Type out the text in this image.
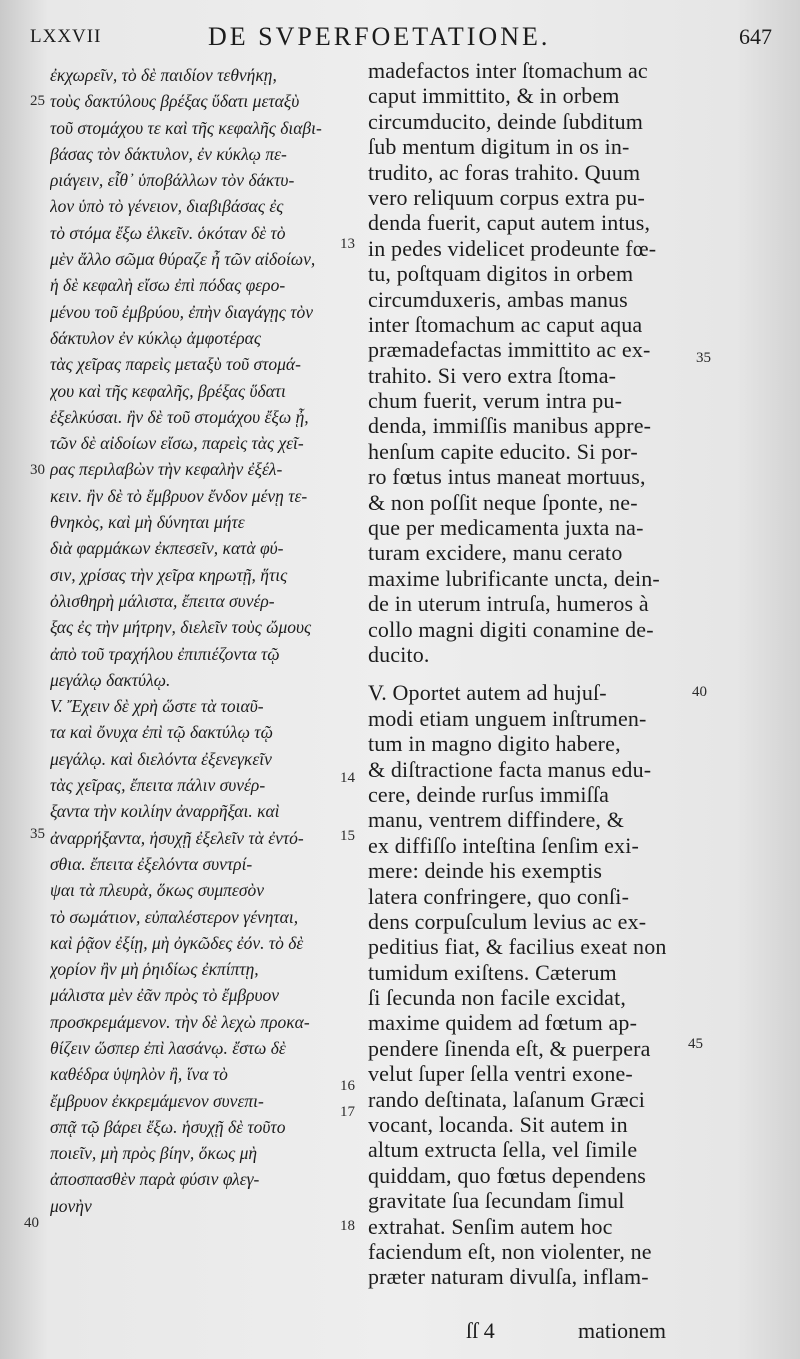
LXXVII	DE SVPERFOETATIONE.	647
ἐκχωρεῖν, τὸ δὲ παιδίον τεθνήκῃ,
τοὺς δακτύλους βρέξας ὕδατι μεταξὺ
τοῦ στομάχου τε καὶ τῆς κεφαλῆς διαβι-
βάσας τὸν δάκτυλον, ἐν κύκλῳ πε-
ριάγειν, εἶθ᾽ ὑποβάλλων τὸν δάκτυ-
λον ὑπὸ τὸ γένειον, διαβιβάσας ἐς
τὸ στόμα ἔξω ἑλκεῖν. ὁκόταν δὲ τὸ
μὲν ἄλλο σῶμα θύραζε ἦ τῶν αἰδοίων,
ἡ δὲ κεφαλὴ εἴσω ἐπὶ πόδας φερο-
μένου τοῦ ἐμβρύου, ἐπὴν διαγάγῃς τὸν
δάκτυλον ἐν κύκλῳ ἀμφοτέρας
τὰς χεῖρας παρεὶς μεταξὺ τοῦ στομά-
χου καὶ τῆς κεφαλῆς, βρέξας ὕδατι
ἐξελκύσαι. ἢν δὲ τοῦ στομάχου ἔξω ᾖ,
τῶν δὲ αἰδοίων εἴσω, παρεὶς τὰς χεῖ-
ρας περιλαβὼν τὴν κεφαλὴν ἐξέλ-
κειν. ἢν δὲ τὸ ἔμβρυον ἔνδον μένῃ τε-
θνηκὸς, καὶ μὴ δύνηται μήτε
διὰ φαρμάκων ἐκπεσεῖν, κατὰ φύ-
σιν, χρίσας τὴν χεῖρα κηρωτῇ, ἥτις
ὀλισθηρὴ μάλιστα, ἔπειτα συνέρ-
ξας ἐς τὴν μήτρην, διελεῖν τοὺς ὤμους
ἀπὸ τοῦ τραχήλου ἐπιπιέζοντα τῷ
μεγάλῳ δακτύλῳ.
V. Ἔχειν δὲ χρὴ ὥστε τὰ τοιαῦ-
τα καὶ ὄνυχα ἐπὶ τῷ δακτύλῳ τῷ
μεγάλῳ. καὶ διελόντα ἐξενεγκεῖν
τὰς χεῖρας, ἔπειτα πάλιν συνέρ-
ξαντα τὴν κοιλίην ἀναρρῆξαι. καὶ
ἀναρρήξαντα, ἡσυχῇ ἐξελεῖν τὰ ἐντό-
σθια. ἔπειτα ἐξελόντα συντρί-
ψαι τὰ πλευρὰ, ὅκως συμπεσὸν
τὸ σωμάτιον, εὐπαλέστερον γένηται,
καὶ ῥᾷον ἐξίῃ, μὴ ὀγκῶδες ἐόν. τὸ δὲ
χορίον ἢν μὴ ῥηιδίως ἐκπίπτῃ,
μάλιστα μὲν ἐᾶν πρὸς τὸ ἔμβρυον
προσκρεμάμενον. τὴν δὲ λεχὼ προκα-
θίζειν ὥσπερ ἐπὶ λασάνῳ. ἔστω δὲ
καθέδρα ὑψηλὸν ἢ, ἵνα τὸ
ἔμβρυον ἐκκρεμάμενον συνεπι-
σπᾷ τῷ βάρει ἔξω. ἡσυχῇ δὲ τοῦτο
ποιεῖν, μὴ πρὸς βίην, ὅκως μὴ
ἀποσπασθὲν παρὰ φύσιν φλεγ-
μονὴν
madefactos inter ſtomachum ac
caput immittito, & in orbem
circumducito, deinde ſubditum
ſub mentum digitum in os in-
trudito, ac foras trahito. Quum
vero reliquum corpus extra pu-
denda fuerit, caput autem intus,
in pedes videlicet prodeunte fœ-
tu, poſtquam digitos in orbem
circumduxeris, ambas manus
inter ſtomachum ac caput aqua
præmadefactas immittito ac ex-
trahito. Si vero extra ſtoma-
chum fuerit, verum intra pu-
denda, immiſſis manibus appre-
henſum capite educito. Si por-
ro fœtus intus maneat mortuus,
& non poſſit neque ſponte, ne-
que per medicamenta juxta na-
turam excidere, manu cerato
maxime lubrificante uncta, dein-
de in uterum intruſa, humeros à
collo magni digiti conamine de-
ducito.
V. Oportet autem ad hujuſ-
modi etiam unguem inſtrumen-
tum in magno digito habere,
& diſtractione facta manus edu-
cere, deinde rurſus immiſſa
manu, ventrem diffindere, &
ex diffiſſo inteſtina ſenſim exi-
mere: deinde his exemptis
latera confringere, quo conſi-
dens corpuſculum levius ac ex-
peditius fiat, & facilius exeat non
tumidum exiſtens. Cæterum
ſi ſecunda non facile excidat,
maxime quidem ad fœtum ap-
pendere ſinenda eſt, & puerpera
velut ſuper ſella ventri exone-
rando deſtinata, laſanum Græci
vocant, locanda. Sit autem in
altum extructa ſella, vel ſimile
quiddam, quo fœtus dependens
gravitate ſua ſecundam ſimul
extrahat. Senſim autem hoc
faciendum eſt, non violenter, ne
præter naturam divulſa, inflam-
25
13
30
14
35	15
16
17
40	18
35
40
45
ſſ 4	mationem
